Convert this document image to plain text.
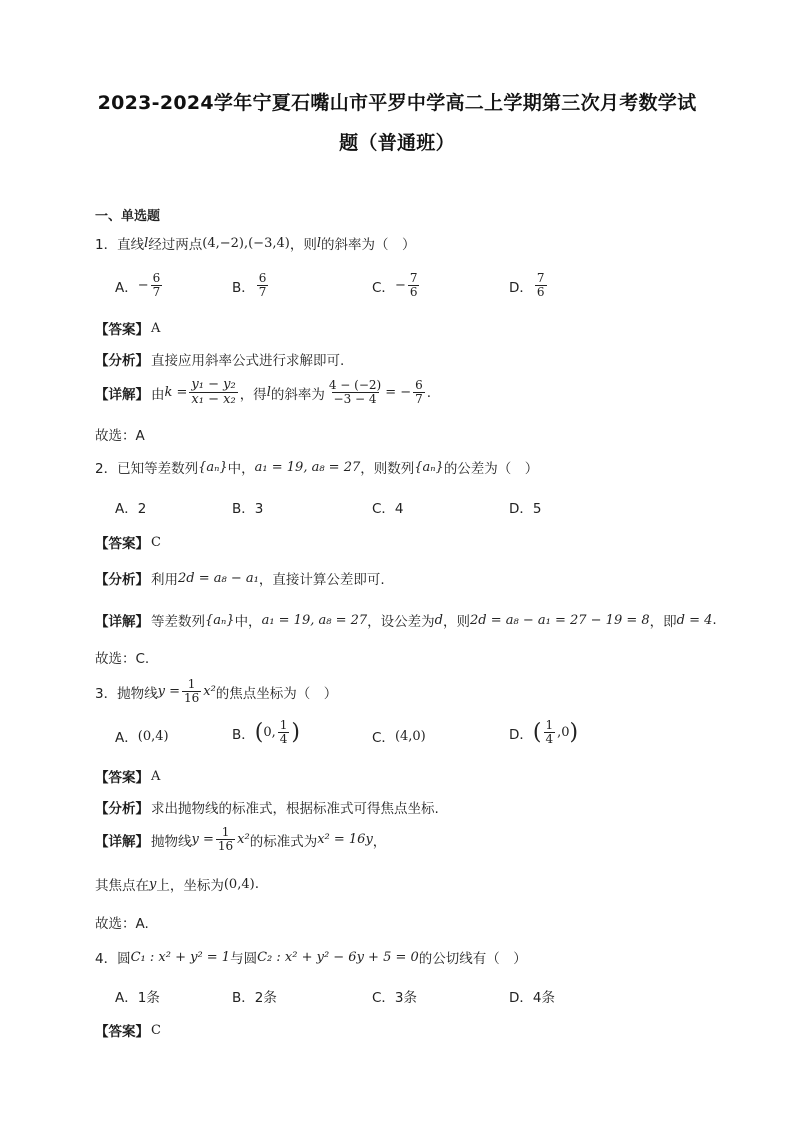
2023-2024学年宁夏石嘴山市平罗中学高二上学期第三次月考数学试
题（普通班）
一、单选题
1．直线 l 经过两点 (4,−2),(−3,4) ，则 l 的斜率为（　）
A． − $\frac{6}{7}$	B． $\frac{6}{7}$	C． − $\frac{7}{6}$	D． $\frac{7}{6}$
【答案】 A
【分析】 直接应用斜率公式进行求解即可.
【详解】 由 $k = \frac{\text{y₁ − y₂}}{\text{x₁ − x₂}}$ ，得 l 的斜率为 $\frac{4 - (-2)}{-3 - 4}$ = − $\frac{6}{7}$ .
故选：A
2．已知等差数列 {aₙ} 中， a₁ = 19, a₈ = 27 ，则数列 {aₙ} 的公差为（　）
A．2	B．3	C．4	D．5
【答案】 C
【分析】 利用 2d = a₈ − a₁ ，直接计算公差即可.
【详解】 等差数列 {aₙ} 中， a₁ = 19, a₈ = 27 ，设公差为 d ，则 2d = a₈ − a₁ = 27 − 19 = 8 ，即 d = 4 .
故选：C.
3．抛物线 $y = \frac{1}{16} x^2$ 的焦点坐标为（　）
A． (0,4)	B． ( 0, $\frac{1}{4}$ )	C． (4,0)	D． ( $\frac{1}{4} ,0$ )
【答案】 A
【分析】 求出抛物线的标准式，根据标准式可得焦点坐标.
【详解】 抛物线 $y = \frac{1}{16} x^2$ 的标准式为 x² = 16y ，
其焦点在 y 上，坐标为 (0,4) .
故选：A.
4．圆 C₁ : x² + y² = 1 与圆 C₂ : x² + y² − 6y + 5 = 0 的公切线有（　）
A．1条	B．2条	C．3条	D．4条
【答案】 C
